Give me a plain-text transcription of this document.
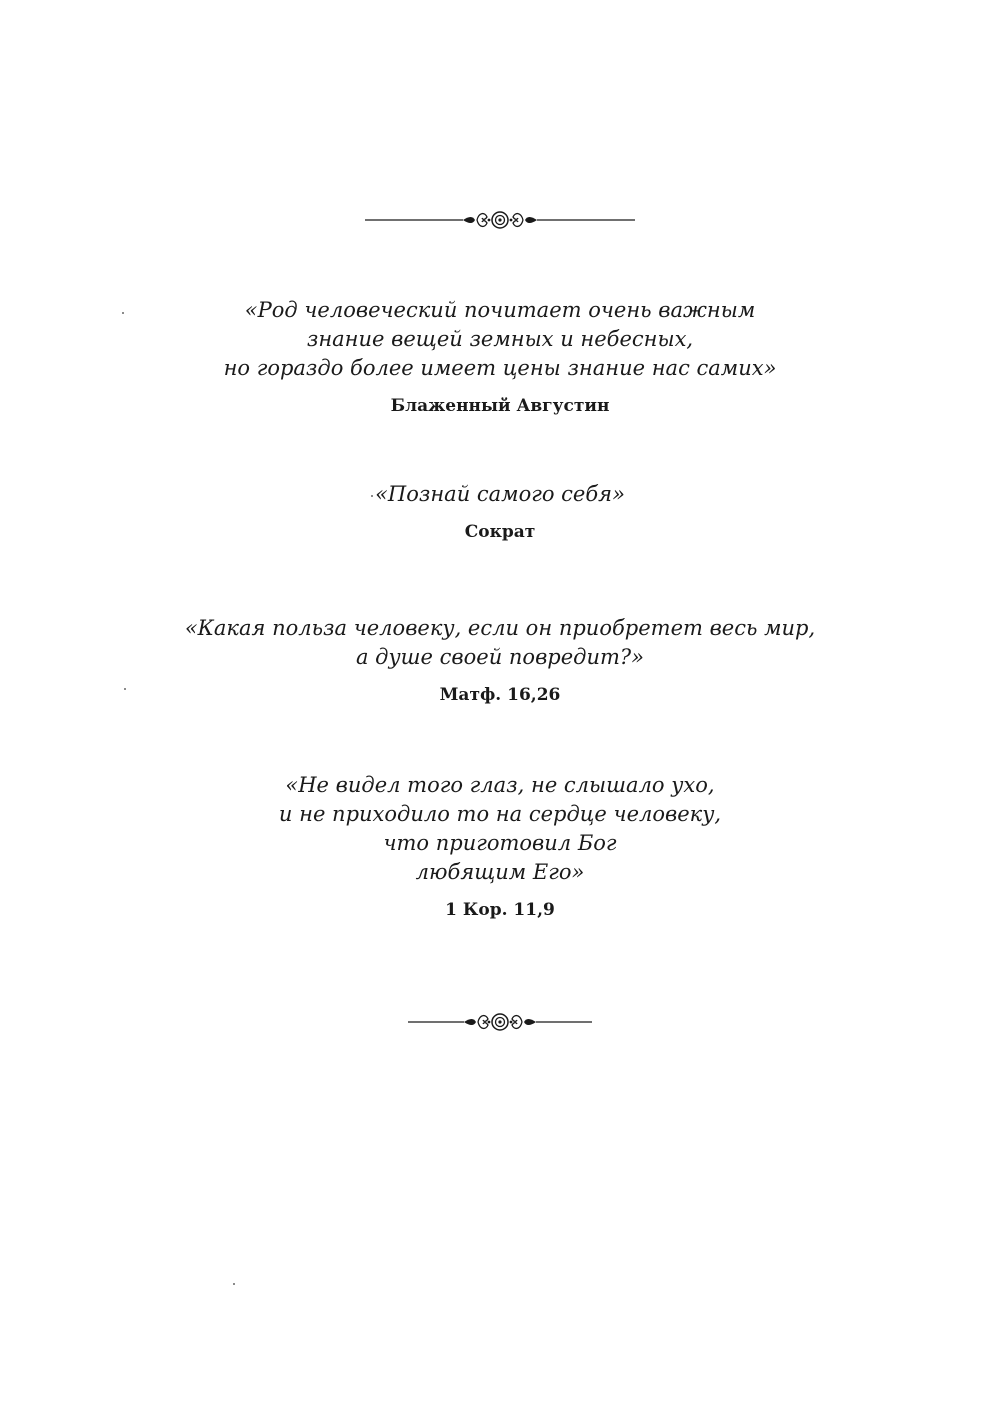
«Род человеческий почитает очень важным
знание вещей земных и небесных,
но гораздо более имеет цены знание нас самих»
Блаженный Августин
«Познай самого себя»
Сократ
«Какая польза человеку, если он приобретет весь мир,
а душе своей повредит?»
Матф. 16,26
«Не видел того глаз, не слышало ухо,
и не приходило то на сердце человеку,
что приготовил Бог
любящим Его»
1 Кор. 11,9
